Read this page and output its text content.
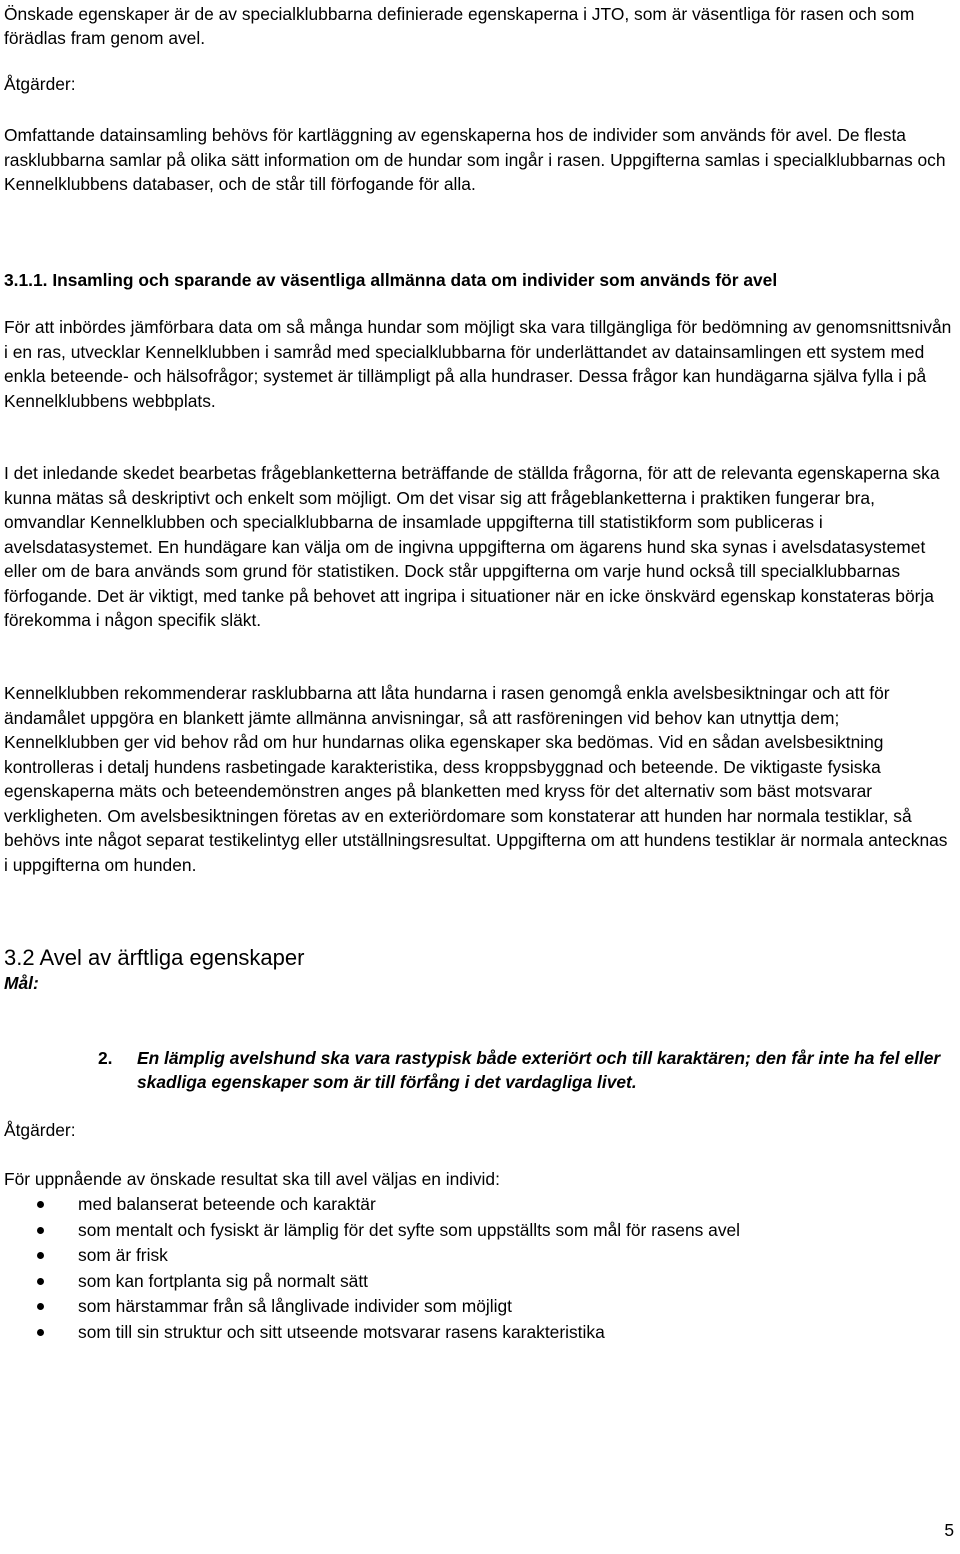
Önskade egenskaper är de av specialklubbarna definierade egenskaperna i JTO, som är väsentliga för rasen och som förädlas fram genom avel.

Åtgärder:

Omfattande datainsamling behövs för kartläggning av egenskaperna hos de individer som används för avel. De flesta rasklubbarna samlar på olika sätt information om de hundar som ingår i rasen. Uppgifterna samlas i specialklubbarnas och Kennelklubbens databaser, och de står till förfogande för alla.

3.1.1. Insamling och sparande av väsentliga allmänna data om individer som används för avel

För att inbördes jämförbara data om så många hundar som möjligt ska vara tillgängliga för bedömning av genomsnittsnivån i en ras, utvecklar Kennelklubben i samråd med specialklubbarna för underlättandet av datainsamlingen ett system med enkla beteende- och hälsofrågor; systemet är tillämpligt på alla hundraser. Dessa frågor kan hundägarna själva fylla i på Kennelklubbens webbplats.

I det inledande skedet bearbetas frågeblanketterna beträffande de ställda frågorna, för att de relevanta egenskaperna ska kunna mätas så deskriptivt och enkelt som möjligt. Om det visar sig att frågeblanketterna i praktiken fungerar bra, omvandlar Kennelklubben och specialklubbarna de insamlade uppgifterna till statistikform som publiceras i avelsdatasystemet. En hundägare kan välja om de ingivna uppgifterna om ägarens hund ska synas i avelsdatasystemet eller om de bara används som grund för statistiken. Dock står uppgifterna om varje hund också till specialklubbarnas förfogande. Det är viktigt, med tanke på behovet att ingripa i situationer när en icke önskvärd egenskap konstateras börja förekomma i någon specifik släkt.

Kennelklubben rekommenderar rasklubbarna att låta hundarna i rasen genomgå enkla avelsbesiktningar och att för ändamålet uppgöra en blankett jämte allmänna anvisningar, så att rasföreningen vid behov kan utnyttja dem; Kennelklubben ger vid behov råd om hur hundarnas olika egenskaper ska bedömas. Vid en sådan avelsbesiktning kontrolleras i detalj hundens rasbetingade karakteristika, dess kroppsbyggnad och beteende. De viktigaste fysiska egenskaperna mäts och beteendemönstren anges på blanketten med kryss för det alternativ som bäst motsvarar verkligheten. Om avelsbesiktningen företas av en exteriördomare som konstaterar att hunden har normala testiklar, så behövs inte något separat testikelintyg eller utställningsresultat. Uppgifterna om att hundens testiklar är normala antecknas i uppgifterna om hunden.

3.2 Avel av ärftliga egenskaper
Mål:
2. En lämplig avelshund ska vara rastypisk både exteriört och till karaktären; den får inte ha fel eller skadliga egenskaper som är till förfång i det vardagliga livet.
Åtgärder:
För uppnående av önskade resultat ska till avel väljas en individ:
med balanserat beteende och karaktär
som mentalt och fysiskt är lämplig för det syfte som uppställts som mål för rasens avel
som är frisk
som kan fortplanta sig på normalt sätt
som härstammar från så långlivade individer som möjligt
som till sin struktur och sitt utseende motsvarar rasens karakteristika
5
